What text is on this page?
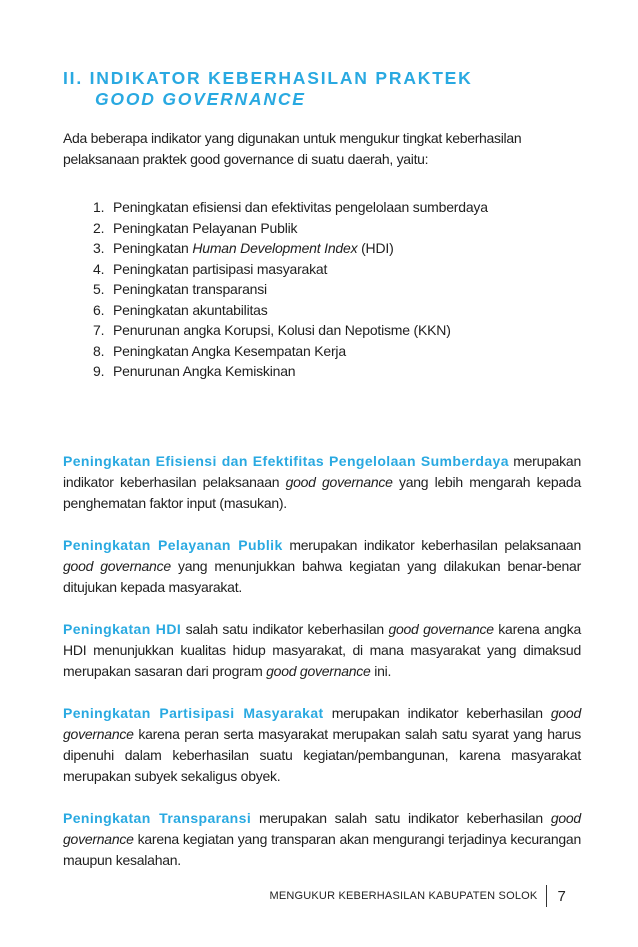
II. INDIKATOR KEBERHASILAN PRAKTEK
GOOD GOVERNANCE
Ada beberapa indikator yang digunakan untuk mengukur tingkat keberhasilan pelaksanaan praktek good governance di suatu daerah, yaitu:
1. Peningkatan efisiensi dan efektivitas pengelolaan sumberdaya
2. Peningkatan Pelayanan Publik
3. Peningkatan Human Development Index (HDI)
4. Peningkatan partisipasi masyarakat
5. Peningkatan transparansi
6. Peningkatan akuntabilitas
7. Penurunan angka Korupsi, Kolusi dan Nepotisme (KKN)
8. Peningkatan Angka Kesempatan Kerja
9. Penurunan Angka Kemiskinan

Peningkatan Efisiensi dan Efektifitas Pengelolaan Sumberdaya merupakan indikator keberhasilan pelaksanaan good governance yang lebih mengarah kepada penghematan faktor input (masukan).

Peningkatan Pelayanan Publik merupakan indikator keberhasilan pelaksanaan good governance yang menunjukkan bahwa kegiatan yang dilakukan benar-benar ditujukan kepada masyarakat.

Peningkatan HDI salah satu indikator keberhasilan good governance karena angka HDI menunjukkan kualitas hidup masyarakat, di mana masyarakat yang dimaksud merupakan sasaran dari program good governance ini.

Peningkatan Partisipasi Masyarakat merupakan indikator keberhasilan good governance karena peran serta masyarakat merupakan salah satu syarat yang harus dipenuhi dalam keberhasilan suatu kegiatan/pembangunan, karena masyarakat merupakan subyek sekaligus obyek.

Peningkatan Transparansi merupakan salah satu indikator keberhasilan good governance karena kegiatan yang transparan akan mengurangi terjadinya kecurangan maupun kesalahan.

MENGUKUR KEBERHASILAN KABUPATEN SOLOK 7
